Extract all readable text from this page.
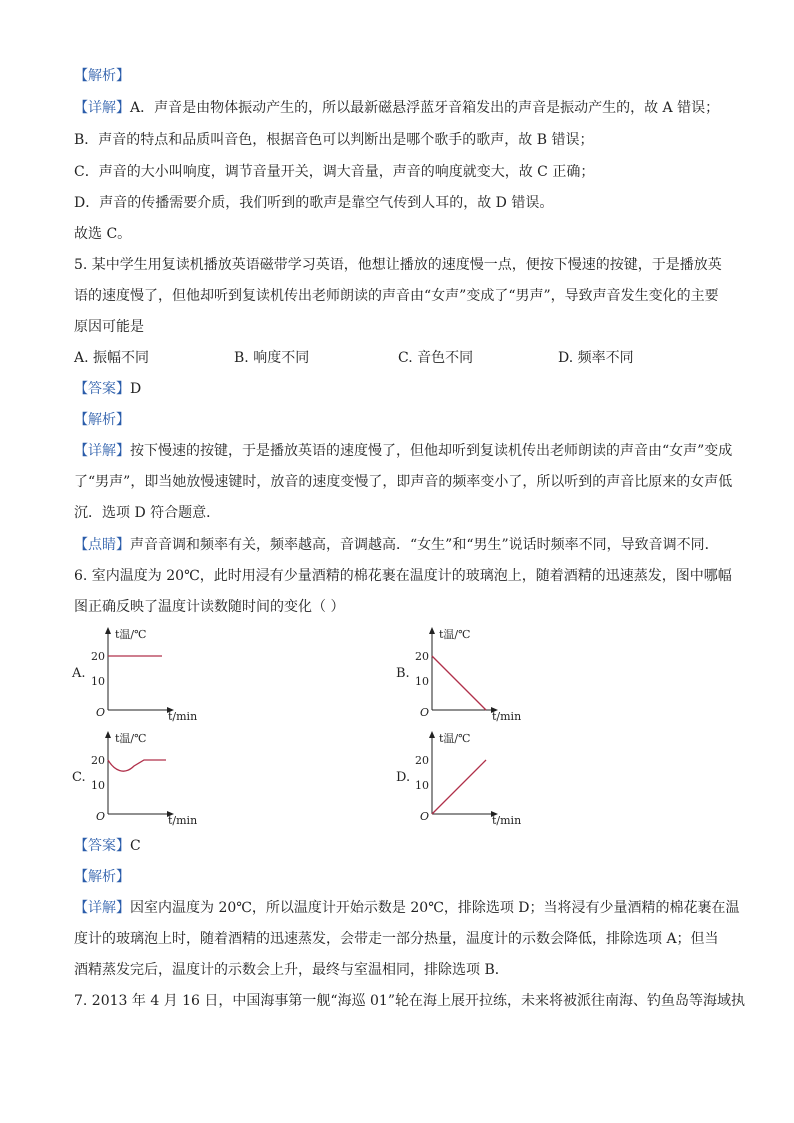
【解析】
【详解】A．声音是由物体振动产生的，所以最新磁悬浮蓝牙音箱发出的声音是振动产生的，故 A 错误；
B．声音的特点和品质叫音色，根据音色可以判断出是哪个歌手的歌声，故 B 错误；
C．声音的大小叫响度，调节音量开关，调大音量，声音的响度就变大，故 C 正确；
D．声音的传播需要介质，我们听到的歌声是靠空气传到人耳的，故 D 错误。
故选 C。
5. 某中学生用复读机播放英语磁带学习英语，他想让播放的速度慢一点，便按下慢速的按键，于是播放英
语的速度慢了，但他却听到复读机传出老师朗读的声音由“女声”变成了“男声”，导致声音发生变化的主要
原因可能是
A. 振幅不同	B. 响度不同	C. 音色不同	D. 频率不同
【答案】D
【解析】
【详解】按下慢速的按键，于是播放英语的速度慢了，但他却听到复读机传出老师朗读的声音由“女声”变成
了“男声”，即当她放慢速键时，放音的速度变慢了，即声音的频率变小了，所以听到的声音比原来的女声低
沉．选项 D 符合题意．
【点睛】声音音调和频率有关，频率越高，音调越高．“女生”和“男生”说话时频率不同，导致音调不同．
6. 室内温度为 20℃，此时用浸有少量酒精的棉花裹在温度计的玻璃泡上，随着酒精的迅速蒸发，图中哪幅
图正确反映了温度计读数随时间的变化（ ）
A.
t温/℃
20
10
O	t/min
B.
t温/℃
20
10
O	t/min
C.
t温/℃
20
10
O	t/min
D.
t温/℃
20
10
O	t/min
【答案】C
【解析】
【详解】因室内温度为 20℃，所以温度计开始示数是 20℃，排除选项 D；当将浸有少量酒精的棉花裹在温
度计的玻璃泡上时，随着酒精的迅速蒸发，会带走一部分热量，温度计的示数会降低，排除选项 A；但当
酒精蒸发完后，温度计的示数会上升，最终与室温相同，排除选项 B．
7. 2013 年 4 月 16 日，中国海事第一舰“海巡 01”轮在海上展开拉练，未来将被派往南海、钓鱼岛等海域执
